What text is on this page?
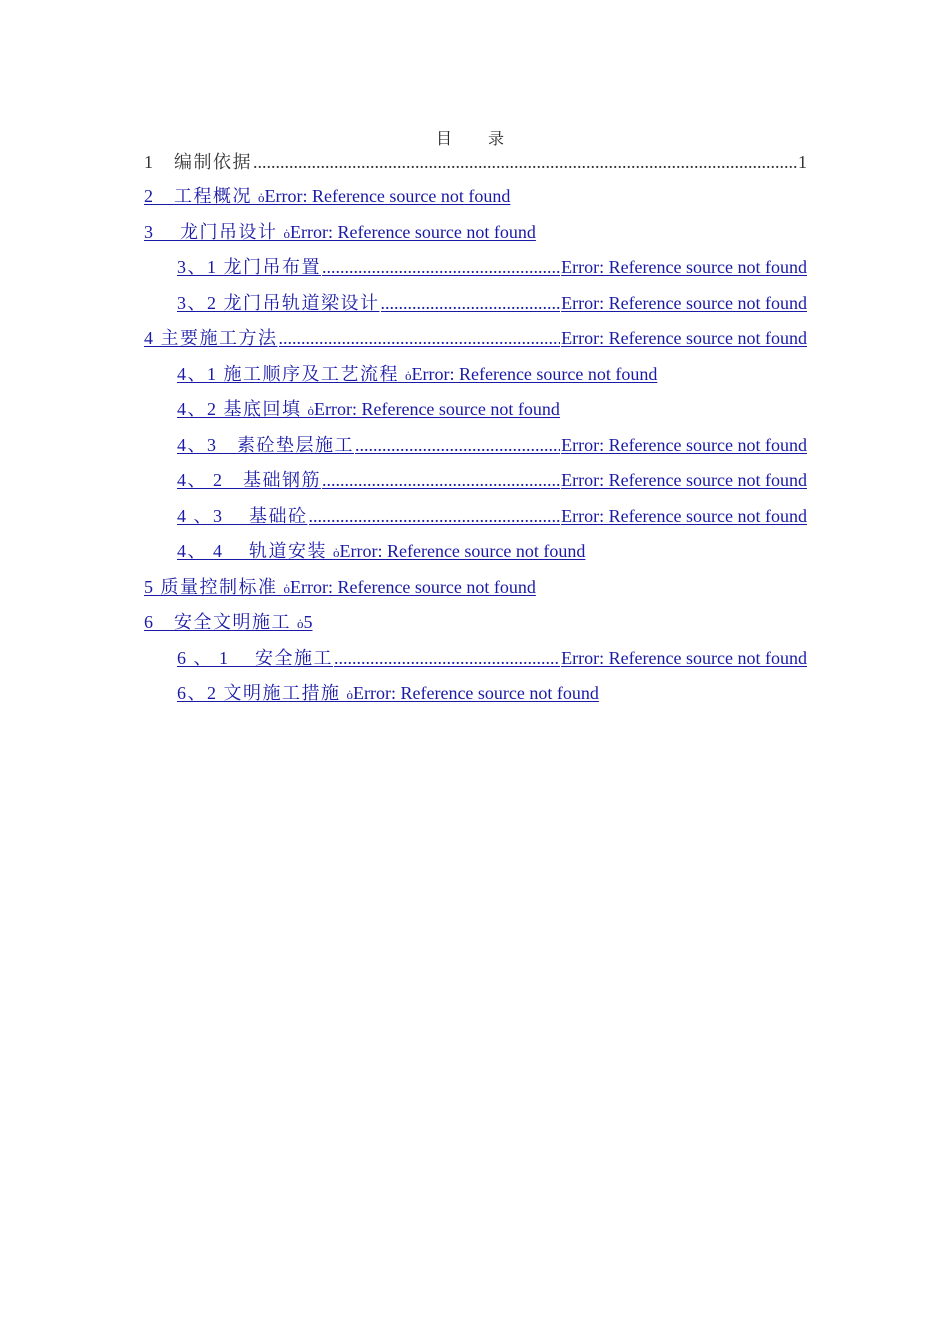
目　录
1　编制依据 .....	1
2　工程概况 ȯError: Reference source not found
3　 龙门吊设计 ȯError: Reference source not found
3、1 龙门吊布置 .....	Error: Reference source not found
3、2 龙门吊轨道梁设计 .....	Error: Reference source not found
4 主要施工方法 .....	Error: Reference source not found
4、1 施工顺序及工艺流程 ȯError: Reference source not found
4、2 基底回填 ȯError: Reference source not found
4、3　素砼垫层施工 .....	Error: Reference source not found
4、 2　基础钢筋 .....	Error: Reference source not found
4 、3　 基础砼 .....	Error: Reference source not found
4、 4　 轨道安装 ȯError: Reference source not found
5 质量控制标准 ȯError: Reference source not found
6　安全文明施工 ȯ5
6 、 1　 安全施工 .....	Error: Reference source not found
6、2 文明施工措施 ȯError: Reference source not found
